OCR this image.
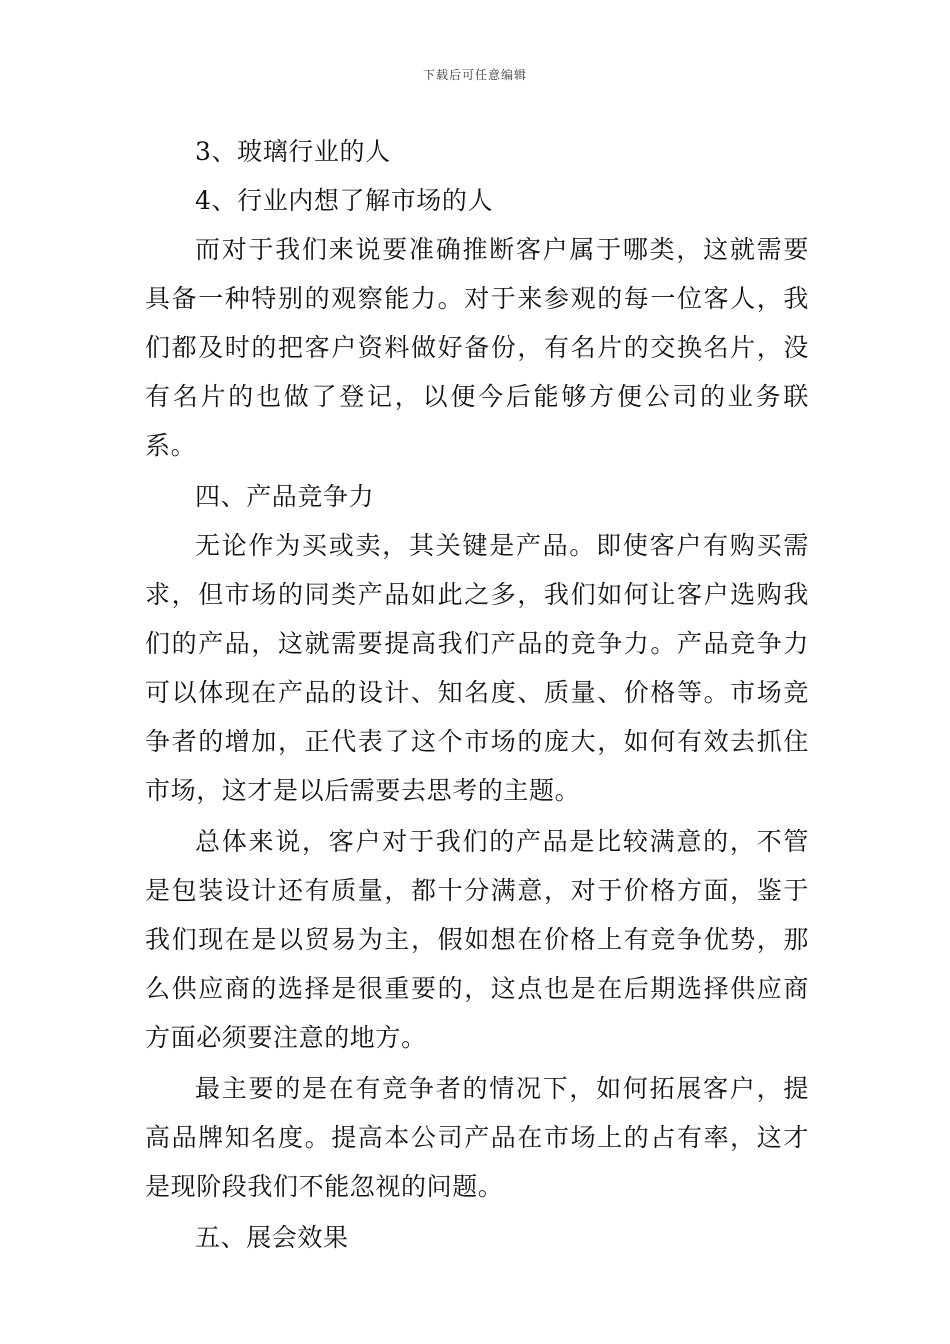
下载后可任意编辑

3、玻璃行业的人

4、行业内想了解市场的人

而对于我们来说要准确推断客户属于哪类，这就需要具备一种特别的观察能力。对于来参观的每一位客人，我们都及时的把客户资料做好备份，有名片的交换名片，没有名片的也做了登记，以便今后能够方便公司的业务联系。

四、产品竞争力

无论作为买或卖，其关键是产品。即使客户有购买需求，但市场的同类产品如此之多，我们如何让客户选购我们的产品，这就需要提高我们产品的竞争力。产品竞争力可以体现在产品的设计、知名度、质量、价格等。市场竞争者的增加，正代表了这个市场的庞大，如何有效去抓住市场，这才是以后需要去思考的主题。

总体来说，客户对于我们的产品是比较满意的，不管是包装设计还有质量，都十分满意，对于价格方面，鉴于我们现在是以贸易为主，假如想在价格上有竞争优势，那么供应商的选择是很重要的，这点也是在后期选择供应商方面必须要注意的地方。

最主要的是在有竞争者的情况下，如何拓展客户，提高品牌知名度。提高本公司产品在市场上的占有率，这才是现阶段我们不能忽视的问题。

五、展会效果
